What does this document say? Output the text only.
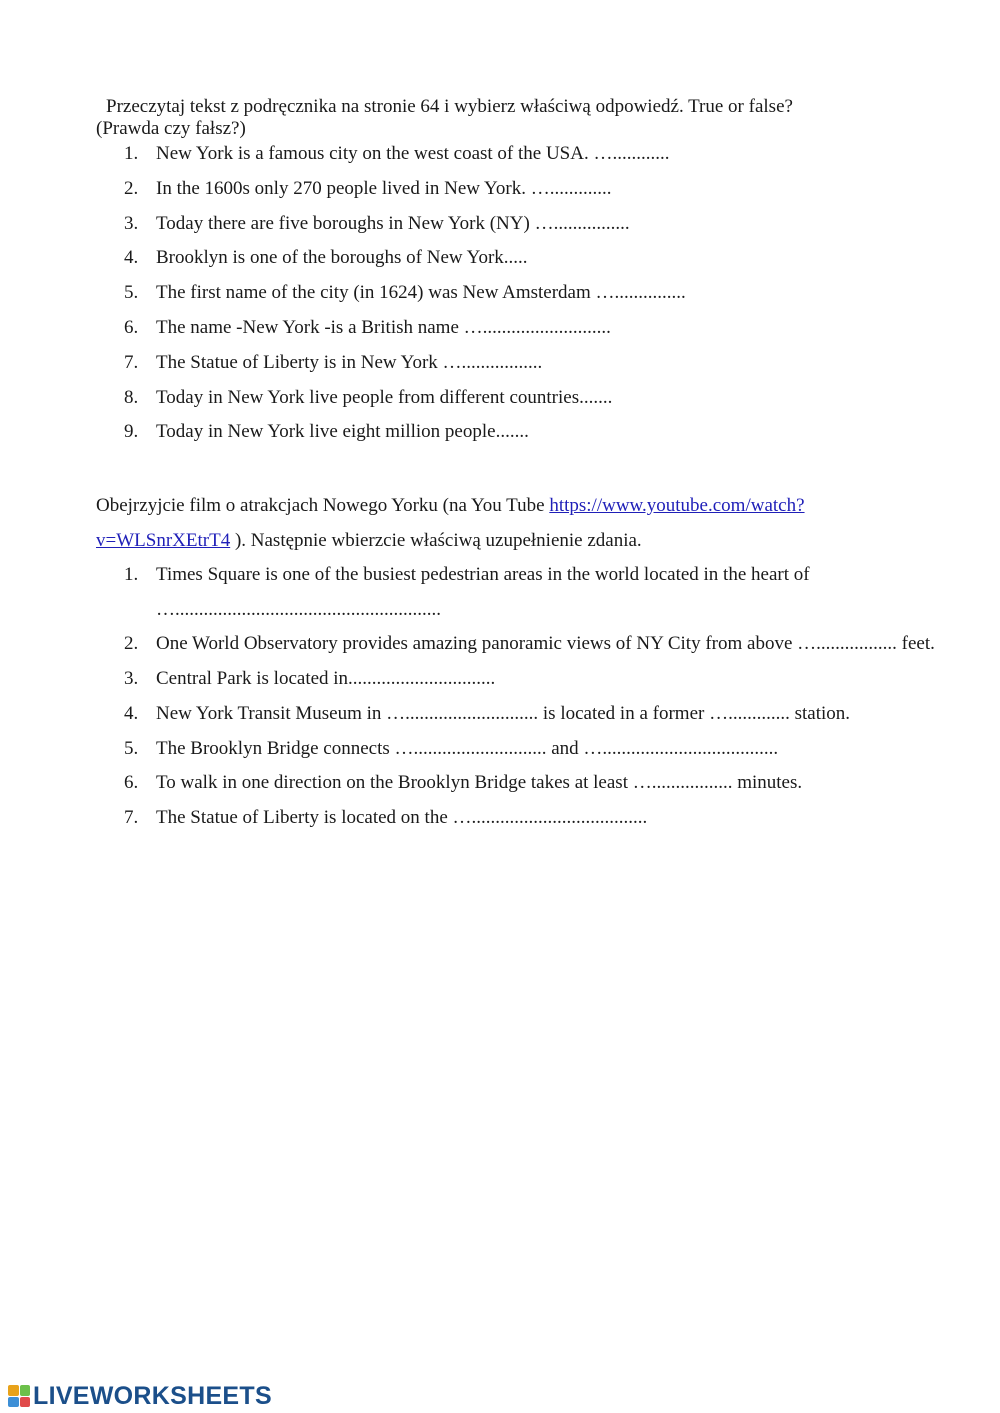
Przeczytaj tekst z podręcznika na stronie 64 i wybierz właściwą odpowiedź. True or false?
(Prawda czy fałsz?)
1. New York is a famous city on the west coast of the USA. …............
2. In the 1600s only 270 people lived in New York. ….............
3. Today there are five boroughs in New York (NY) …................
4. Brooklyn is one of the boroughs of New York.....
5. The first name of the city (in 1624) was New Amsterdam …...............
6. The name -New York -is a British name …...........................
7. The Statue of Liberty is in New York ….................
8. Today in New York live people from different countries.......
9. Today in New York live eight million people.......
Obejrzyjcie film o atrakcjach Nowego Yorku (na You Tube https://www.youtube.com/watch?v=WLSnrXEtrT4 ). Następnie wbierzcie właściwą uzupełnienie zdania.
1. Times Square is one of the busiest pedestrian areas in the world located in the heart of …........................................................
2. One World Observatory provides amazing panoramic views of NY City from above …................. feet.
3. Central Park is located in...............................
4. New York Transit Museum in …............................ is located in a former …............. station.
5. The Brooklyn Bridge connects …............................ and ….....................................
6. To walk in one direction on the Brooklyn Bridge takes at least …................. minutes.
7. The Statue of Liberty is located on the ….....................................
LIVEWORKSHEETS
